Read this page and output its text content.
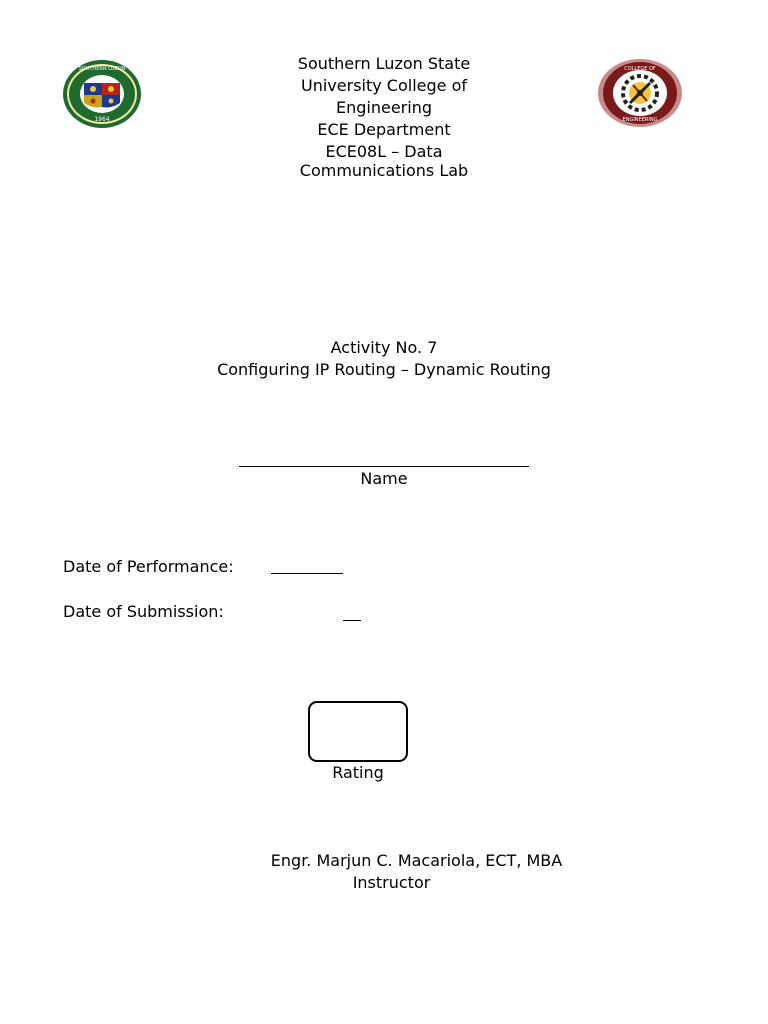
1964
SOUTHERN LUZON	Southern Luzon State
University College of
Engineering
ECE Department
ECE08L – Data
Communications Lab
COLLEGE OF
ENGINEERING
Activity No. 7
Configuring IP Routing – Dynamic Routing
Name
Date of Performance:
Date of Submission:
Rating
Engr. Marjun C. Macariola, ECT, MBA
Instructor
